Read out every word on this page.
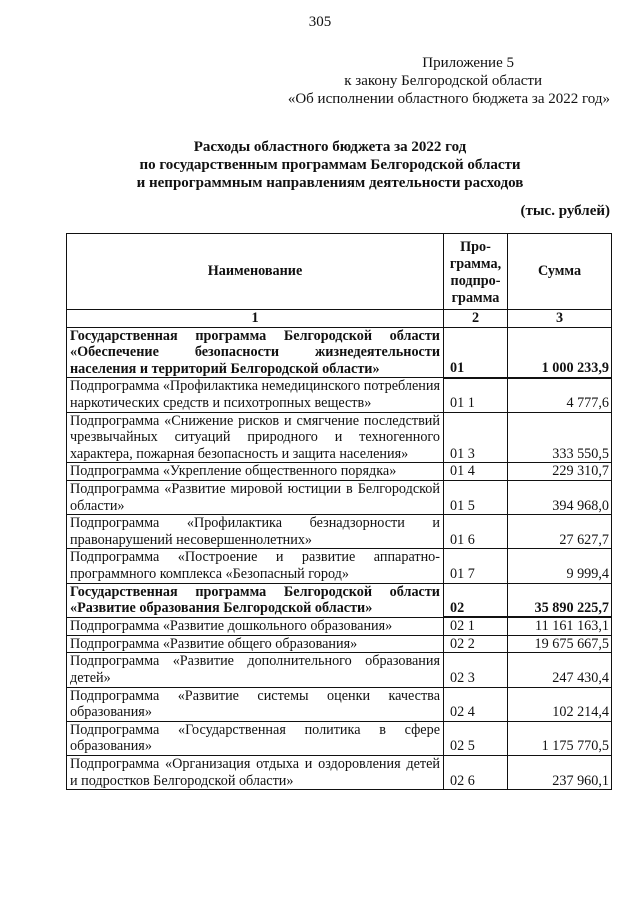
305
Приложение 5
к закону Белгородской области
«Об исполнении областного бюджета за 2022 год»
Расходы областного бюджета за 2022 год
по государственным программам Белгородской области
и непрограммным направлениям деятельности расходов
(тыс. рублей)
Наименование	Про-грамма, подпро-грамма	Сумма
1	2	3
Государственная программа Белгородской области «Обеспечение безопасности жизнедеятельности населения и территорий Белгородской области»	01	1 000 233,9
Подпрограмма «Профилактика немедицинского потребления наркотических средств и психотропных веществ»	01 1	4 777,6
Подпрограмма «Снижение рисков и смягчение последствий чрезвычайных ситуаций природного и техногенного характера, пожарная безопасность и защита населения»	01 3	333 550,5
Подпрограмма «Укрепление общественного порядка»	01 4	229 310,7
Подпрограмма «Развитие мировой юстиции в Белгородской области»	01 5	394 968,0
Подпрограмма «Профилактика безнадзорности и правонарушений несовершеннолетних»	01 6	27 627,7
Подпрограмма «Построение и развитие аппаратно-программного комплекса «Безопасный город»	01 7	9 999,4
Государственная программа Белгородской области «Развитие образования Белгородской области»	02	35 890 225,7
Подпрограмма «Развитие дошкольного образования»	02 1	11 161 163,1
Подпрограмма «Развитие общего образования»	02 2	19 675 667,5
Подпрограмма «Развитие дополнительного образования детей»	02 3	247 430,4
Подпрограмма «Развитие системы оценки качества образования»	02 4	102 214,4
Подпрограмма «Государственная политика в сфере образования»	02 5	1 175 770,5
Подпрограмма «Организация отдыха и оздоровления детей и подростков Белгородской области»	02 6	237 960,1
